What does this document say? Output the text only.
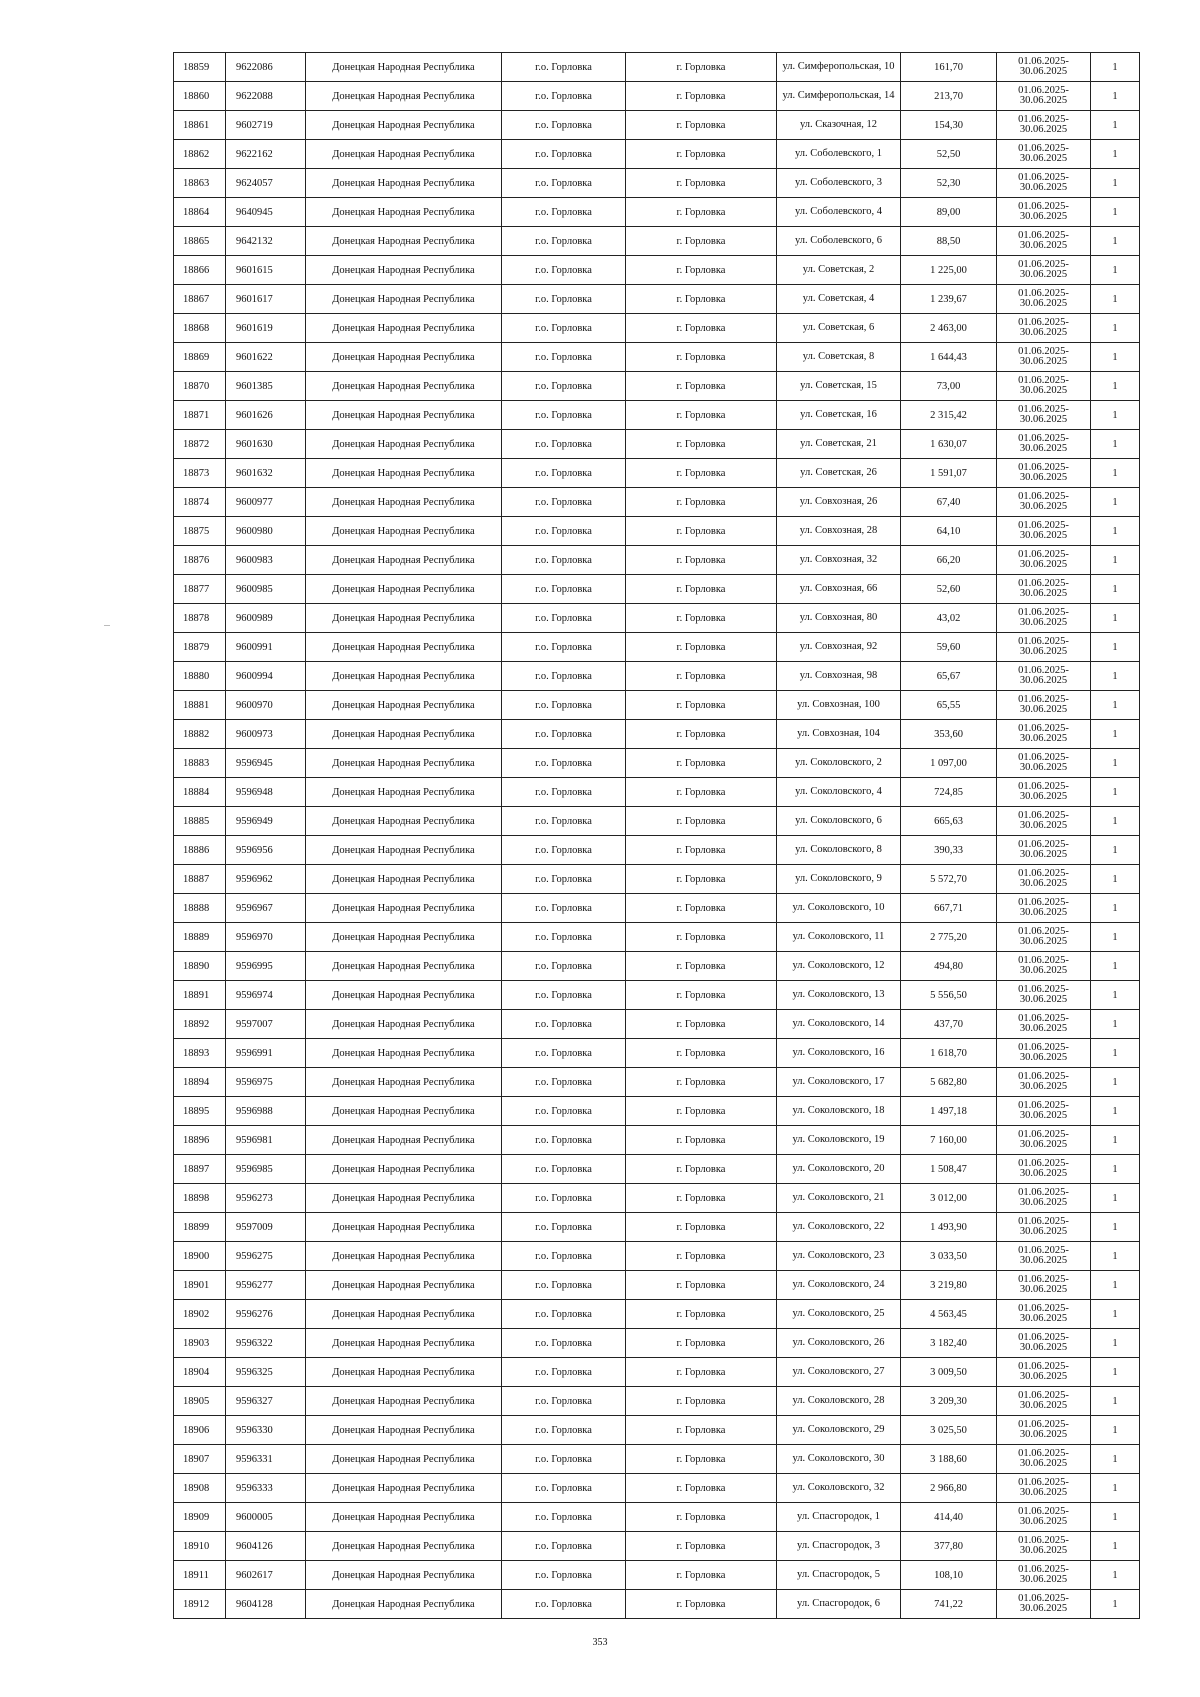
18859	9622086	Донецкая Народная Республика	г.о. Горловка	г. Горловка	ул. Симферопольская, 10	161,70	01.06.2025-30.06.2025	1
18860	9622088	Донецкая Народная Республика	г.о. Горловка	г. Горловка	ул. Симферопольская, 14	213,70	01.06.2025-30.06.2025	1
18861	9602719	Донецкая Народная Республика	г.о. Горловка	г. Горловка	ул. Сказочная, 12	154,30	01.06.2025-30.06.2025	1
18862	9622162	Донецкая Народная Республика	г.о. Горловка	г. Горловка	ул. Соболевского, 1	52,50	01.06.2025-30.06.2025	1
18863	9624057	Донецкая Народная Республика	г.о. Горловка	г. Горловка	ул. Соболевского, 3	52,30	01.06.2025-30.06.2025	1
18864	9640945	Донецкая Народная Республика	г.о. Горловка	г. Горловка	ул. Соболевского, 4	89,00	01.06.2025-30.06.2025	1
18865	9642132	Донецкая Народная Республика	г.о. Горловка	г. Горловка	ул. Соболевского, 6	88,50	01.06.2025-30.06.2025	1
18866	9601615	Донецкая Народная Республика	г.о. Горловка	г. Горловка	ул. Советская, 2	1 225,00	01.06.2025-30.06.2025	1
18867	9601617	Донецкая Народная Республика	г.о. Горловка	г. Горловка	ул. Советская, 4	1 239,67	01.06.2025-30.06.2025	1
18868	9601619	Донецкая Народная Республика	г.о. Горловка	г. Горловка	ул. Советская, 6	2 463,00	01.06.2025-30.06.2025	1
18869	9601622	Донецкая Народная Республика	г.о. Горловка	г. Горловка	ул. Советская, 8	1 644,43	01.06.2025-30.06.2025	1
18870	9601385	Донецкая Народная Республика	г.о. Горловка	г. Горловка	ул. Советская, 15	73,00	01.06.2025-30.06.2025	1
18871	9601626	Донецкая Народная Республика	г.о. Горловка	г. Горловка	ул. Советская, 16	2 315,42	01.06.2025-30.06.2025	1
18872	9601630	Донецкая Народная Республика	г.о. Горловка	г. Горловка	ул. Советская, 21	1 630,07	01.06.2025-30.06.2025	1
18873	9601632	Донецкая Народная Республика	г.о. Горловка	г. Горловка	ул. Советская, 26	1 591,07	01.06.2025-30.06.2025	1
18874	9600977	Донецкая Народная Республика	г.о. Горловка	г. Горловка	ул. Совхозная, 26	67,40	01.06.2025-30.06.2025	1
18875	9600980	Донецкая Народная Республика	г.о. Горловка	г. Горловка	ул. Совхозная, 28	64,10	01.06.2025-30.06.2025	1
18876	9600983	Донецкая Народная Республика	г.о. Горловка	г. Горловка	ул. Совхозная, 32	66,20	01.06.2025-30.06.2025	1
18877	9600985	Донецкая Народная Республика	г.о. Горловка	г. Горловка	ул. Совхозная, 66	52,60	01.06.2025-30.06.2025	1
18878	9600989	Донецкая Народная Республика	г.о. Горловка	г. Горловка	ул. Совхозная, 80	43,02	01.06.2025-30.06.2025	1
18879	9600991	Донецкая Народная Республика	г.о. Горловка	г. Горловка	ул. Совхозная, 92	59,60	01.06.2025-30.06.2025	1
18880	9600994	Донецкая Народная Республика	г.о. Горловка	г. Горловка	ул. Совхозная, 98	65,67	01.06.2025-30.06.2025	1
18881	9600970	Донецкая Народная Республика	г.о. Горловка	г. Горловка	ул. Совхозная, 100	65,55	01.06.2025-30.06.2025	1
18882	9600973	Донецкая Народная Республика	г.о. Горловка	г. Горловка	ул. Совхозная, 104	353,60	01.06.2025-30.06.2025	1
18883	9596945	Донецкая Народная Республика	г.о. Горловка	г. Горловка	ул. Соколовского, 2	1 097,00	01.06.2025-30.06.2025	1
18884	9596948	Донецкая Народная Республика	г.о. Горловка	г. Горловка	ул. Соколовского, 4	724,85	01.06.2025-30.06.2025	1
18885	9596949	Донецкая Народная Республика	г.о. Горловка	г. Горловка	ул. Соколовского, 6	665,63	01.06.2025-30.06.2025	1
18886	9596956	Донецкая Народная Республика	г.о. Горловка	г. Горловка	ул. Соколовского, 8	390,33	01.06.2025-30.06.2025	1
18887	9596962	Донецкая Народная Республика	г.о. Горловка	г. Горловка	ул. Соколовского, 9	5 572,70	01.06.2025-30.06.2025	1
18888	9596967	Донецкая Народная Республика	г.о. Горловка	г. Горловка	ул. Соколовского, 10	667,71	01.06.2025-30.06.2025	1
18889	9596970	Донецкая Народная Республика	г.о. Горловка	г. Горловка	ул. Соколовского, 11	2 775,20	01.06.2025-30.06.2025	1
18890	9596995	Донецкая Народная Республика	г.о. Горловка	г. Горловка	ул. Соколовского, 12	494,80	01.06.2025-30.06.2025	1
18891	9596974	Донецкая Народная Республика	г.о. Горловка	г. Горловка	ул. Соколовского, 13	5 556,50	01.06.2025-30.06.2025	1
18892	9597007	Донецкая Народная Республика	г.о. Горловка	г. Горловка	ул. Соколовского, 14	437,70	01.06.2025-30.06.2025	1
18893	9596991	Донецкая Народная Республика	г.о. Горловка	г. Горловка	ул. Соколовского, 16	1 618,70	01.06.2025-30.06.2025	1
18894	9596975	Донецкая Народная Республика	г.о. Горловка	г. Горловка	ул. Соколовского, 17	5 682,80	01.06.2025-30.06.2025	1
18895	9596988	Донецкая Народная Республика	г.о. Горловка	г. Горловка	ул. Соколовского, 18	1 497,18	01.06.2025-30.06.2025	1
18896	9596981	Донецкая Народная Республика	г.о. Горловка	г. Горловка	ул. Соколовского, 19	7 160,00	01.06.2025-30.06.2025	1
18897	9596985	Донецкая Народная Республика	г.о. Горловка	г. Горловка	ул. Соколовского, 20	1 508,47	01.06.2025-30.06.2025	1
18898	9596273	Донецкая Народная Республика	г.о. Горловка	г. Горловка	ул. Соколовского, 21	3 012,00	01.06.2025-30.06.2025	1
18899	9597009	Донецкая Народная Республика	г.о. Горловка	г. Горловка	ул. Соколовского, 22	1 493,90	01.06.2025-30.06.2025	1
18900	9596275	Донецкая Народная Республика	г.о. Горловка	г. Горловка	ул. Соколовского, 23	3 033,50	01.06.2025-30.06.2025	1
18901	9596277	Донецкая Народная Республика	г.о. Горловка	г. Горловка	ул. Соколовского, 24	3 219,80	01.06.2025-30.06.2025	1
18902	9596276	Донецкая Народная Республика	г.о. Горловка	г. Горловка	ул. Соколовского, 25	4 563,45	01.06.2025-30.06.2025	1
18903	9596322	Донецкая Народная Республика	г.о. Горловка	г. Горловка	ул. Соколовского, 26	3 182,40	01.06.2025-30.06.2025	1
18904	9596325	Донецкая Народная Республика	г.о. Горловка	г. Горловка	ул. Соколовского, 27	3 009,50	01.06.2025-30.06.2025	1
18905	9596327	Донецкая Народная Республика	г.о. Горловка	г. Горловка	ул. Соколовского, 28	3 209,30	01.06.2025-30.06.2025	1
18906	9596330	Донецкая Народная Республика	г.о. Горловка	г. Горловка	ул. Соколовского, 29	3 025,50	01.06.2025-30.06.2025	1
18907	9596331	Донецкая Народная Республика	г.о. Горловка	г. Горловка	ул. Соколовского, 30	3 188,60	01.06.2025-30.06.2025	1
18908	9596333	Донецкая Народная Республика	г.о. Горловка	г. Горловка	ул. Соколовского, 32	2 966,80	01.06.2025-30.06.2025	1
18909	9600005	Донецкая Народная Республика	г.о. Горловка	г. Горловка	ул. Спасгородок, 1	414,40	01.06.2025-30.06.2025	1
18910	9604126	Донецкая Народная Республика	г.о. Горловка	г. Горловка	ул. Спасгородок, 3	377,80	01.06.2025-30.06.2025	1
18911	9602617	Донецкая Народная Республика	г.о. Горловка	г. Горловка	ул. Спасгородок, 5	108,10	01.06.2025-30.06.2025	1
18912	9604128	Донецкая Народная Республика	г.о. Горловка	г. Горловка	ул. Спасгородок, 6	741,22	01.06.2025-30.06.2025	1
353
